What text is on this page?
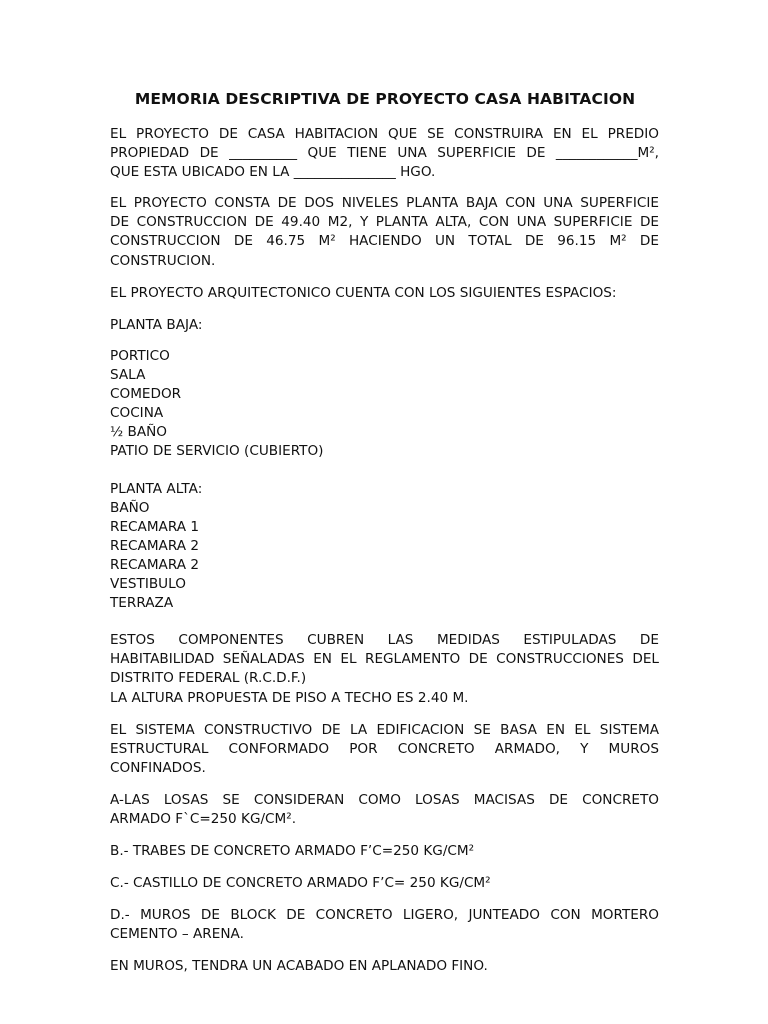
MEMORIA DESCRIPTIVA DE PROYECTO CASA HABITACION
EL PROYECTO DE CASA HABITACION QUE SE CONSTRUIRA EN EL PREDIO
PROPIEDAD DE __________ QUE TIENE UNA SUPERFICIE DE ____________M²,
QUE ESTA UBICADO EN LA _______________ HGO.
EL PROYECTO CONSTA DE DOS NIVELES PLANTA BAJA CON UNA SUPERFICIE
DE CONSTRUCCION DE 49.40 M2, Y PLANTA ALTA, CON UNA SUPERFICIE DE
CONSTRUCCION DE 46.75 M² HACIENDO UN TOTAL DE 96.15 M² DE
CONSTRUCION.

EL PROYECTO ARQUITECTONICO CUENTA CON LOS SIGUIENTES ESPACIOS:

PLANTA BAJA:

PORTICO
SALA
COMEDOR
COCINA
½ BAÑO
PATIO DE SERVICIO (CUBIERTO)

PLANTA ALTA:

BAÑO
RECAMARA 1
RECAMARA 2
RECAMARA 2
VESTIBULO
TERRAZA
ESTOS COMPONENTES CUBREN LAS MEDIDAS ESTIPULADAS DE
HABITABILIDAD SEÑALADAS EN EL REGLAMENTO DE CONSTRUCCIONES DEL
DISTRITO FEDERAL (R.C.D.F.)
LA ALTURA PROPUESTA DE PISO A TECHO ES 2.40 M.
EL SISTEMA CONSTRUCTIVO DE LA EDIFICACION SE BASA EN EL SISTEMA
ESTRUCTURAL CONFORMADO POR CONCRETO ARMADO, Y MUROS
CONFINADOS.
A-LAS LOSAS SE CONSIDERAN COMO LOSAS MACISAS DE CONCRETO
ARMADO F`C=250 KG/CM².

B.- TRABES DE CONCRETO ARMADO F’C=250 KG/CM²

C.- CASTILLO DE CONCRETO ARMADO F’C= 250 KG/CM²

D.- MUROS DE BLOCK DE CONCRETO LIGERO, JUNTEADO CON MORTERO
CEMENTO – ARENA.

EN MUROS, TENDRA UN ACABADO EN APLANADO FINO.
